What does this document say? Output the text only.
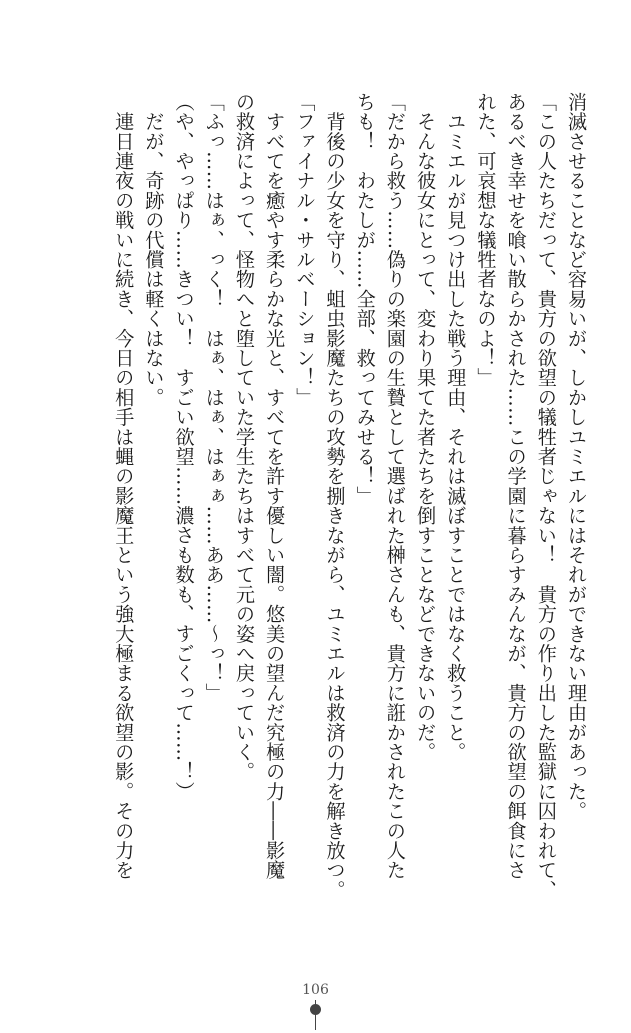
消滅させることなど容易いが、しかしユミエルにはそれができない理由があった。
「この人たちだって、貴方の欲望の犠牲者じゃない！　貴方の作り出した監獄に囚われて、
あるべき幸せを喰い散らかされた……この学園に暮らすみんなが、貴方の欲望の餌食にさ
れた、可哀想な犠牲者なのよ！」
　ユミエルが見つけ出した戦う理由、それは滅ぼすことではなく救うこと。
　そんな彼女にとって、変わり果てた者たちを倒すことなどできないのだ。
「だから救う……偽りの楽園の生贄として選ばれた榊さんも、貴方に誑かされたこの人た
ちも！　わたしが……全部、救ってみせる！」
　背後の少女を守り、蛆虫影魔たちの攻勢を捌きながら、ユミエルは救済の力を解き放つ。
「ファイナル・サルベーション！」
　すべてを癒やす柔らかな光と、すべてを許す優しい闇。悠美の望んだ究極の力――影魔
の救済によって、怪物へと堕していた学生たちはすべて元の姿へ戻っていく。
「ふっ……はぁ、っく！　はぁ、はぁ、はぁぁ……ああ……～っ！」
（や、やっぱり……きつい！　すごい欲望……濃さも数も、すごくって……！）
　だが、奇跡の代償は軽くはない。
　連日連夜の戦いに続き、今日の相手は蝿の影魔王という強大極まる欲望の影。その力を
106
